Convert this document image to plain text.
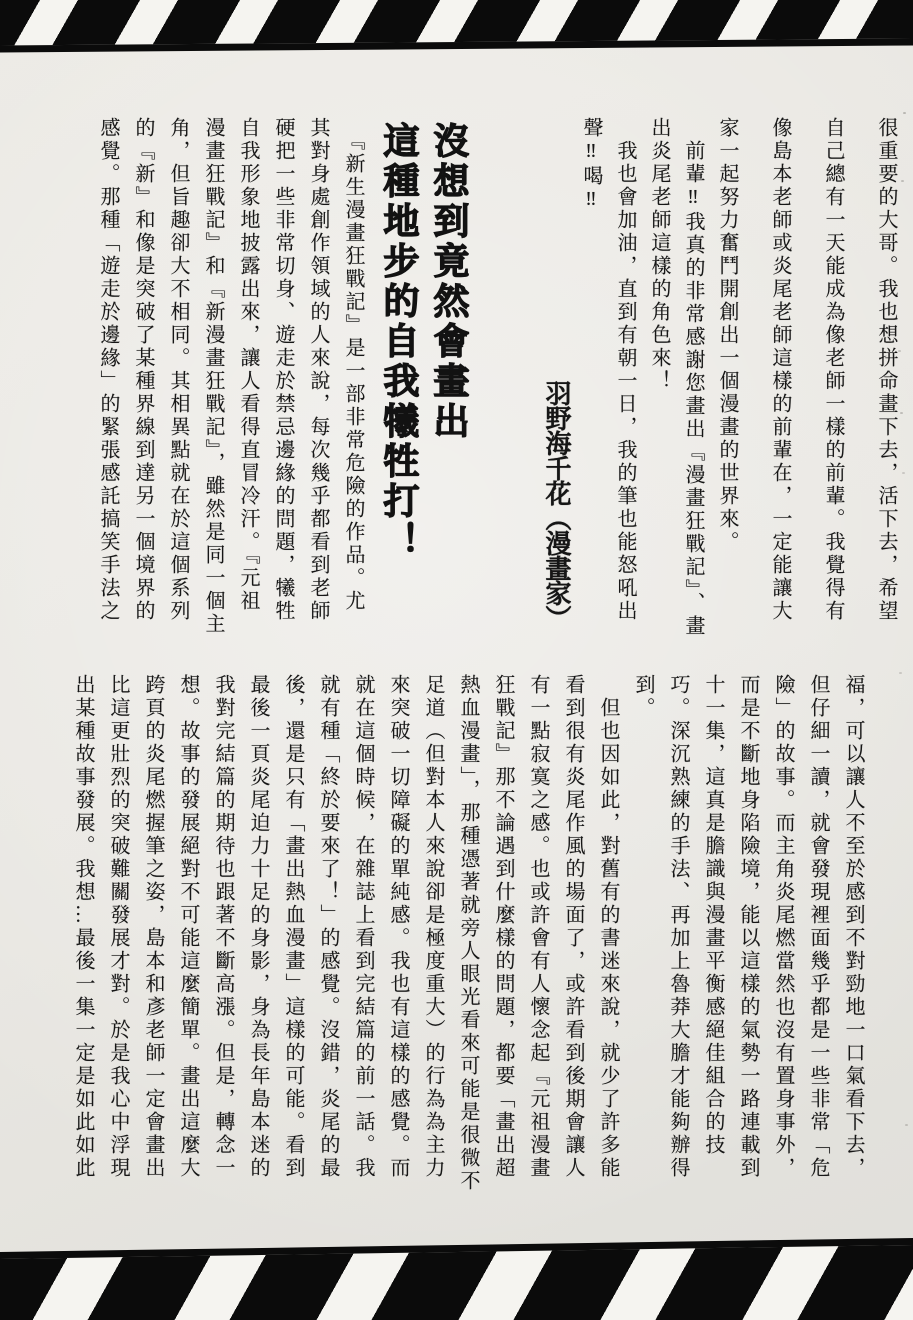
很重要的大哥。我也想拼命畫下去，活下去，希望
自己總有一天能成為像老師一樣的前輩。我覺得有
像島本老師或炎尾老師這樣的前輩在，一定能讓大
家一起努力奮鬥開創出一個漫畫的世界來。
　前輩‼我真的非常感謝您畫出『漫畫狂戰記』、畫
出炎尾老師這樣的角色來！
　我也會加油，直到有朝一日，我的筆也能怒吼出
聲‼喝‼
羽野海千花（漫畫家）
沒想到竟然會畫出
這種地步的自我犧牲打！
　『新生漫畫狂戰記』是一部非常危險的作品。尤
其對身處創作領域的人來說，每次幾乎都看到老師
硬把一些非常切身、遊走於禁忌邊緣的問題，犧牲
自我形象地披露出來，讓人看得直冒冷汗。『元祖
漫畫狂戰記』和『新漫畫狂戰記』，雖然是同一個主
角，但旨趣卻大不相同。其相異點就在於這個系列
的『新』和像是突破了某種界線到達另一個境界的
感覺。那種「遊走於邊緣」的緊張感託搞笑手法之
福，可以讓人不至於感到不對勁地一口氣看下去，
但仔細一讀，就會發現裡面幾乎都是一些非常「危
險」的故事。而主角炎尾燃當然也沒有置身事外，
而是不斷地身陷險境，能以這樣的氣勢一路連載到
十一集，這真是膽識與漫畫平衡感絕佳組合的技
巧。深沉熟練的手法、再加上魯莽大膽才能夠辦得
到。
　但也因如此，對舊有的書迷來說，就少了許多能
看到很有炎尾作風的場面了，或許看到後期會讓人
有一點寂寞之感。也或許會有人懷念起『元祖漫畫
狂戰記』那不論遇到什麼樣的問題，都要「畫出超
熱血漫畫」，那種憑著就旁人眼光看來可能是很微不
足道（但對本人來說卻是極度重大）的行為為主力
來突破一切障礙的單純感。我也有這樣的感覺。而
就在這個時候，在雜誌上看到完結篇的前一話。我
就有種「終於要來了！」的感覺。沒錯，炎尾的最
後，還是只有「畫出熱血漫畫」這樣的可能。看到
最後一頁炎尾迫力十足的身影，身為長年島本迷的
我對完結篇的期待也跟著不斷高漲。但是，轉念一
想。故事的發展絕對不可能這麼簡單。畫出這麼大
跨頁的炎尾燃握筆之姿，島本和彥老師一定會畫出
比這更壯烈的突破難關發展才對。於是我心中浮現
出某種故事發展。我想…最後一集一定是如此如此
